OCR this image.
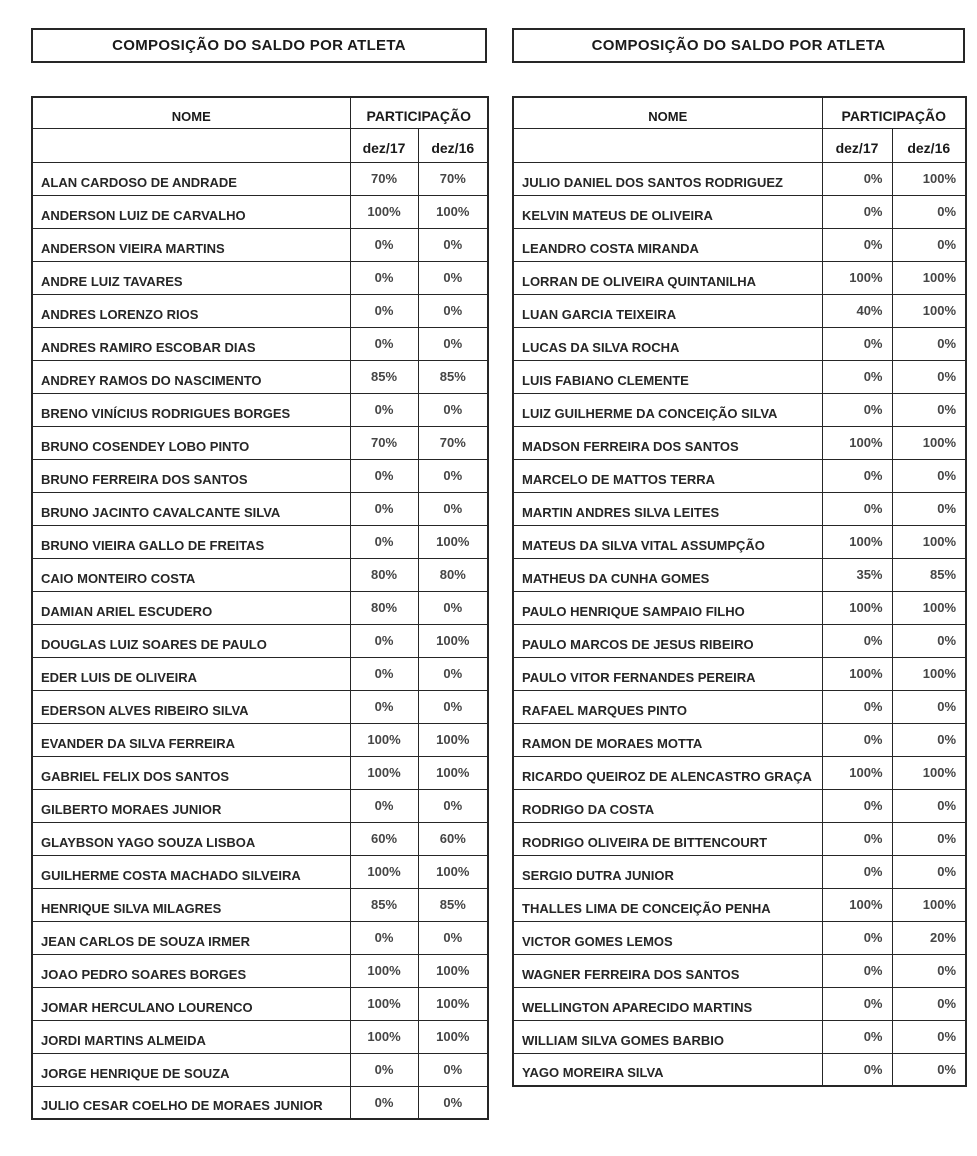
COMPOSIÇÃO DO SALDO POR ATLETA
NOME	PARTICIPAÇÃO	
	dez/17	dez/16
ALAN CARDOSO DE ANDRADE	70%	70%
ANDERSON LUIZ DE CARVALHO	100%	100%
ANDERSON VIEIRA MARTINS	0%	0%
ANDRE LUIZ TAVARES	0%	0%
ANDRES LORENZO RIOS	0%	0%
ANDRES RAMIRO ESCOBAR DIAS	0%	0%
ANDREY RAMOS DO NASCIMENTO	85%	85%
BRENO VINÍCIUS RODRIGUES BORGES	0%	0%
BRUNO COSENDEY LOBO PINTO	70%	70%
BRUNO FERREIRA DOS SANTOS	0%	0%
BRUNO JACINTO CAVALCANTE SILVA	0%	0%
BRUNO VIEIRA GALLO DE FREITAS	0%	100%
CAIO MONTEIRO COSTA	80%	80%
DAMIAN ARIEL ESCUDERO	80%	0%
DOUGLAS LUIZ SOARES DE PAULO	0%	100%
EDER LUIS DE OLIVEIRA	0%	0%
EDERSON ALVES RIBEIRO SILVA	0%	0%
EVANDER DA SILVA FERREIRA	100%	100%
GABRIEL FELIX DOS SANTOS	100%	100%
GILBERTO MORAES JUNIOR	0%	0%
GLAYBSON YAGO SOUZA LISBOA	60%	60%
GUILHERME COSTA MACHADO SILVEIRA	100%	100%
HENRIQUE SILVA MILAGRES	85%	85%
JEAN CARLOS DE SOUZA IRMER	0%	0%
JOAO PEDRO SOARES BORGES	100%	100%
JOMAR HERCULANO LOURENCO	100%	100%
JORDI MARTINS ALMEIDA	100%	100%
JORGE HENRIQUE DE SOUZA	0%	0%
JULIO CESAR COELHO DE MORAES JUNIOR	0%	0%
COMPOSIÇÃO DO SALDO POR ATLETA
NOME	PARTICIPAÇÃO	
	dez/17	dez/16
JULIO DANIEL DOS SANTOS RODRIGUEZ	0%	100%
KELVIN MATEUS DE OLIVEIRA	0%	0%
LEANDRO COSTA MIRANDA	0%	0%
LORRAN DE OLIVEIRA QUINTANILHA	100%	100%
LUAN GARCIA TEIXEIRA	40%	100%
LUCAS DA SILVA ROCHA	0%	0%
LUIS FABIANO CLEMENTE	0%	0%
LUIZ GUILHERME DA CONCEIÇÃO SILVA	0%	0%
MADSON FERREIRA DOS SANTOS	100%	100%
MARCELO DE MATTOS TERRA	0%	0%
MARTIN ANDRES SILVA LEITES	0%	0%
MATEUS DA SILVA VITAL ASSUMPÇÃO	100%	100%
MATHEUS DA CUNHA GOMES	35%	85%
PAULO HENRIQUE SAMPAIO FILHO	100%	100%
PAULO MARCOS DE JESUS RIBEIRO	0%	0%
PAULO VITOR FERNANDES PEREIRA	100%	100%
RAFAEL MARQUES PINTO	0%	0%
RAMON DE MORAES MOTTA	0%	0%
RICARDO QUEIROZ DE ALENCASTRO GRAÇA	100%	100%
RODRIGO DA COSTA	0%	0%
RODRIGO OLIVEIRA DE BITTENCOURT	0%	0%
SERGIO DUTRA JUNIOR	0%	0%
THALLES LIMA DE CONCEIÇÃO PENHA	100%	100%
VICTOR GOMES LEMOS	0%	20%
WAGNER FERREIRA DOS SANTOS	0%	0%
WELLINGTON APARECIDO MARTINS	0%	0%
WILLIAM SILVA GOMES BARBIO	0%	0%
YAGO MOREIRA SILVA	0%	0%
